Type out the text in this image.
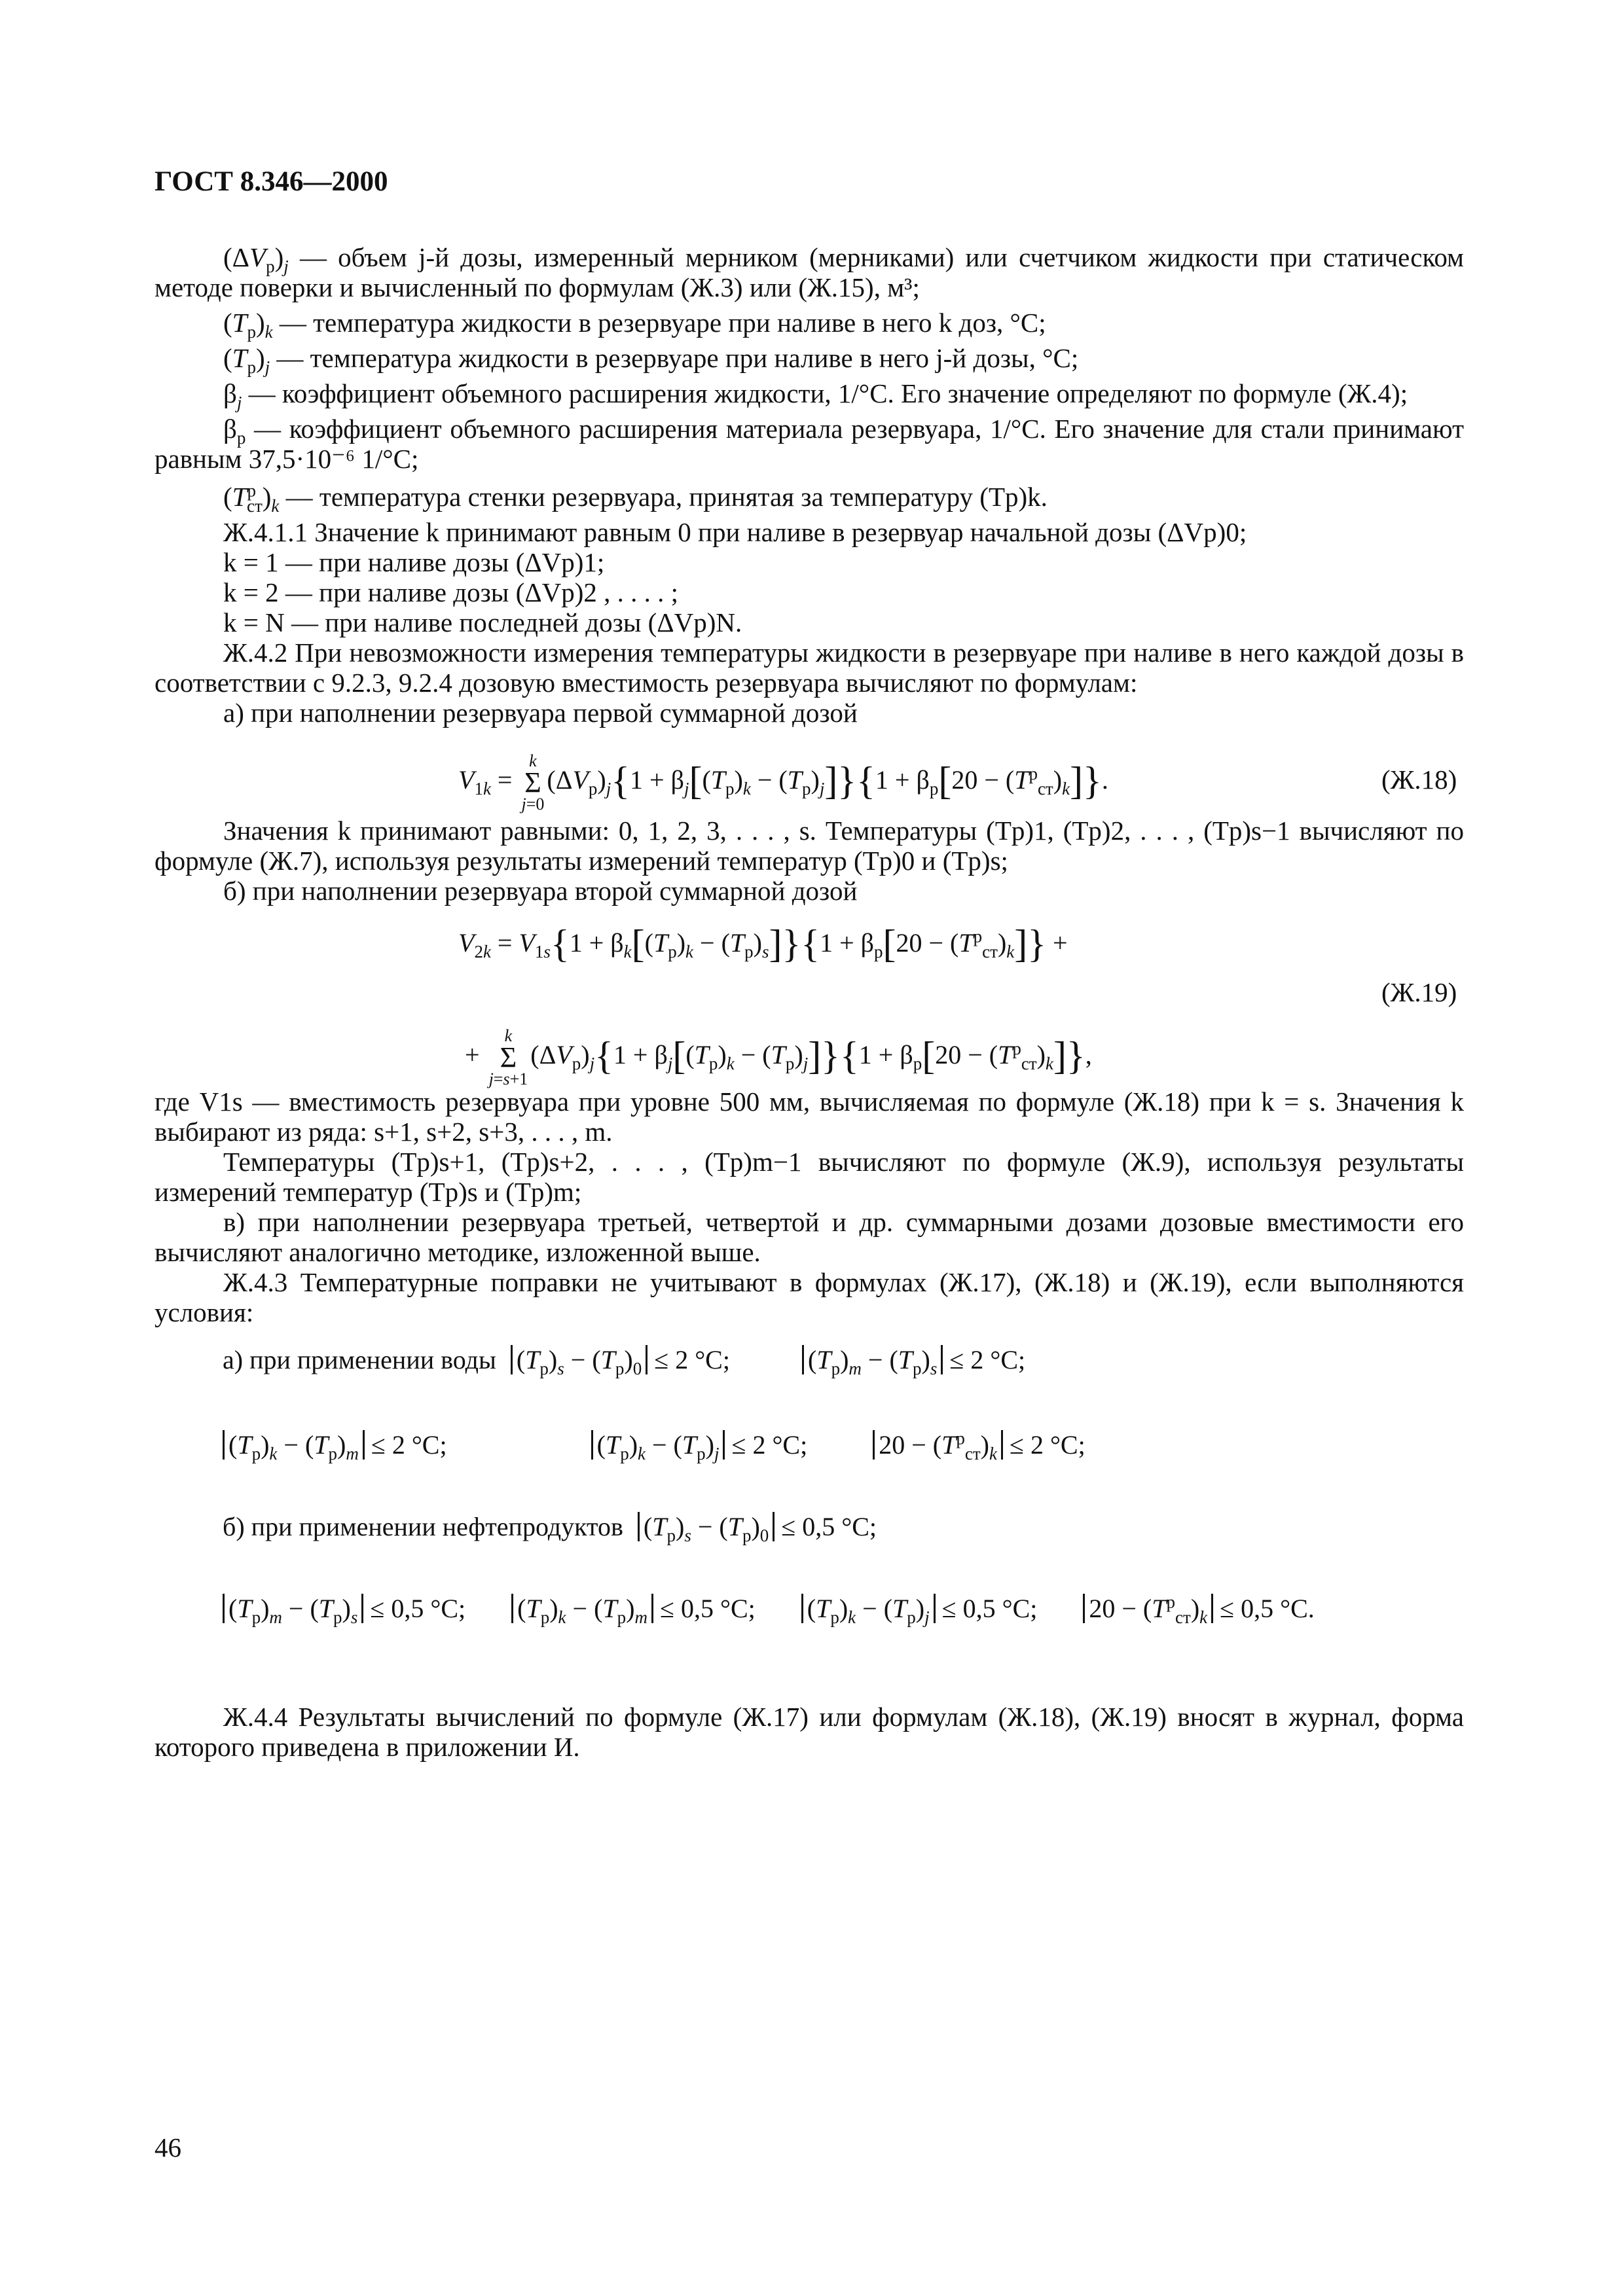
ГОСТ 8.346—2000
$(\Delta V_р)_j$ — объем j-й дозы, измеренный мерником (мерниками) или счетчиком жидкости при статическом методе поверки и вычисленный по формулам (Ж.3) или (Ж.15), м³;
$(T_р)_k$ — температура жидкости в резервуаре при наливе в него k доз, °С;
$(T_р)_j$ — температура жидкости в резервуаре при наливе в него j-й дозы, °С;
$\beta_j$ — коэффициент объемного расширения жидкости, 1/°С. Его значение определяют по формуле (Ж.4);
$\beta_р$ — коэффициент объемного расширения материала резервуара, 1/°С. Его значение для стали принимают равным 37,5·10⁻⁶ 1/°С;
$(T^р_{ст})_k$ — температура стенки резервуара, принятая за температуру (Tр)k.
Ж.4.1.1 Значение k принимают равным 0 при наливе в резервуар начальной дозы (ΔVр)0;
k = 1 — при наливе дозы (ΔVр)1;
k = 2 — при наливе дозы (ΔVр)2 , . . . . ;
k = N — при наливе последней дозы (ΔVр)N.
Ж.4.2 При невозможности измерения температуры жидкости в резервуаре при наливе в него каждой дозы в соответствии с 9.2.3, 9.2.4 дозовую вместимость резервуара вычисляют по формулам:
а) при наполнении резервуара первой суммарной дозой
$V_{1k} = k$
Σ
$j=0(\Delta V_р)_j\{1 + \beta_j[(T_р)_k - (T_р)_j]\}\{1 + \beta_р[20 - (T^р_{ст})_k]\}$.	(Ж.18)
Значения k принимают равными: 0, 1, 2, 3, . . . , s. Температуры (Tр)1, (Tр)2, . . . , (Tр)s−1 вычисляют по формуле (Ж.7), используя результаты измерений температур (Tр)0 и (Tр)s;
б) при наполнении резервуара второй суммарной дозой
$V_{2k} = V_{1s}\{1 + \beta_k[(T_р)_k - (T_р)_s]\}\{1 + \beta_р[20 - (T^р_{ст})_k]\}$ +
(Ж.19)
+ k
Σ
$j=s+1(\Delta V_р)_j\{1 + \beta_j[(T_р)_k - (T_р)_j]\}\{1 + \beta_р[20 - (T^р_{ст})_k]\}$,
где V1s — вместимость резервуара при уровне 500 мм, вычисляемая по формуле (Ж.18) при k = s. Значения k выбирают из ряда: s+1, s+2, s+3, . . . , m.
Температуры (Tр)s+1, (Tр)s+2, . . . , (Tр)m−1 вычисляют по формуле (Ж.9), используя результаты измерений температур (Tр)s и (Tр)m;
в) при наполнении резервуара третьей, четвертой и др. суммарными дозами дозовые вместимости его вычисляют аналогично методике, изложенной выше.
Ж.4.3 Температурные поправки не учитывают в формулах (Ж.17), (Ж.18) и (Ж.19), если выполняются условия:
а) при применении воды $(T_р)_s - (T_р)_0 \le 2$ °С;	$(T_р)_m - (T_р)_s \le 2$ °С;
$(T_р)_k - (T_р)_m \le 2$ °С;	$(T_р)_k - (T_р)_j \le 2$ °С;	$20 - (T^р_{ст})_k \le 2$ °С;
б) при применении нефтепродуктов $(T_р)_s - (T_р)_0 \le 0,5$ °С;
$(T_р)_m - (T_р)_s \le 0,5$ °С; $(T_р)_k - (T_р)_m \le 0,5$ °С; $(T_р)_k - (T_р)_j \le 0,5$ °С; $20 - (T^р_{ст})_k \le 0,5$ °С.
Ж.4.4 Результаты вычислений по формуле (Ж.17) или формулам (Ж.18), (Ж.19) вносят в журнал, форма которого приведена в приложении И.
46
